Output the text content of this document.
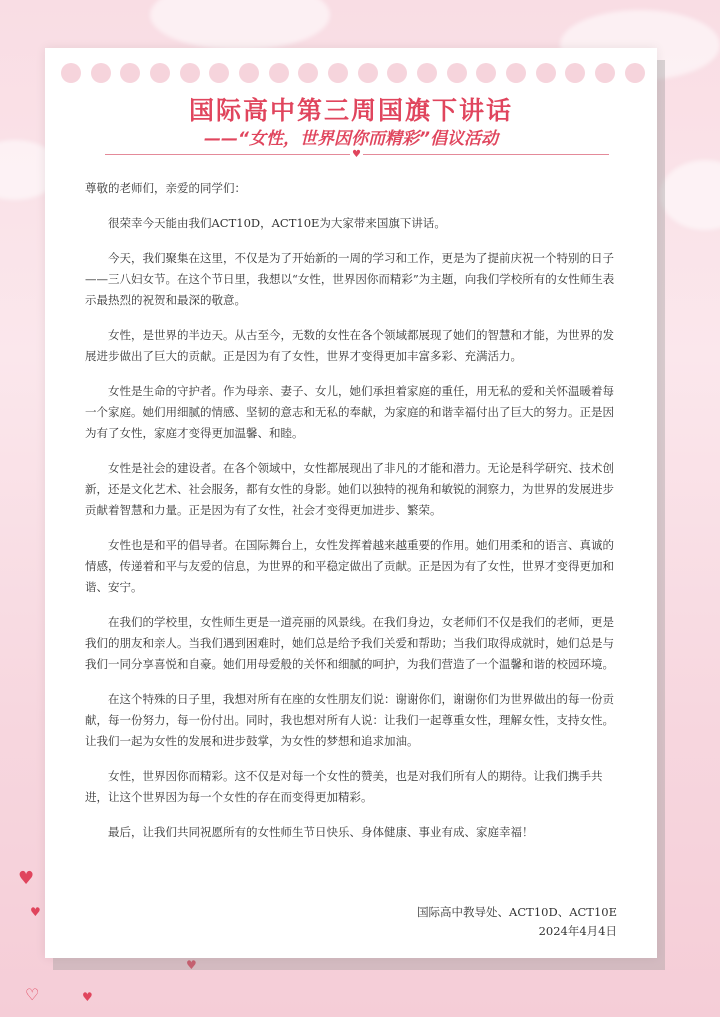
♥
♥
♡	♥
♥
国际高中第三周国旗下讲话
——“女性，世界因你而精彩”倡议活动
♥

尊敬的老师们，亲爱的同学们：

很荣幸今天能由我们ACT10D，ACT10E为大家带来国旗下讲话。

今天，我们聚集在这里，不仅是为了开始新的一周的学习和工作，更是为了提前庆祝一个特别的日子——三八妇女节。在这个节日里，我想以“女性，世界因你而精彩”为主题，向我们学校所有的女性师生表示最热烈的祝贺和最深的敬意。

女性，是世界的半边天。从古至今，无数的女性在各个领域都展现了她们的智慧和才能，为世界的发展进步做出了巨大的贡献。正是因为有了女性，世界才变得更加丰富多彩、充满活力。

女性是生命的守护者。作为母亲、妻子、女儿，她们承担着家庭的重任，用无私的爱和关怀温暖着每一个家庭。她们用细腻的情感、坚韧的意志和无私的奉献，为家庭的和谐幸福付出了巨大的努力。正是因为有了女性，家庭才变得更加温馨、和睦。

女性是社会的建设者。在各个领域中，女性都展现出了非凡的才能和潜力。无论是科学研究、技术创新，还是文化艺术、社会服务，都有女性的身影。她们以独特的视角和敏锐的洞察力，为世界的发展进步贡献着智慧和力量。正是因为有了女性，社会才变得更加进步、繁荣。

女性也是和平的倡导者。在国际舞台上，女性发挥着越来越重要的作用。她们用柔和的语言、真诚的情感，传递着和平与友爱的信息，为世界的和平稳定做出了贡献。正是因为有了女性，世界才变得更加和谐、安宁。

在我们的学校里，女性师生更是一道亮丽的风景线。在我们身边，女老师们不仅是我们的老师，更是我们的朋友和亲人。当我们遇到困难时，她们总是给予我们关爱和帮助；当我们取得成就时，她们总是与我们一同分享喜悦和自豪。她们用母爱般的关怀和细腻的呵护，为我们营造了一个温馨和谐的校园环境。

在这个特殊的日子里，我想对所有在座的女性朋友们说：谢谢你们，谢谢你们为世界做出的每一份贡献，每一份努力，每一份付出。同时，我也想对所有人说：让我们一起尊重女性，理解女性，支持女性。让我们一起为女性的发展和进步鼓掌，为女性的梦想和追求加油。

女性，世界因你而精彩。这不仅是对每一个女性的赞美，也是对我们所有人的期待。让我们携手共进，让这个世界因为每一个女性的存在而变得更加精彩。

最后，让我们共同祝愿所有的女性师生节日快乐、身体健康、事业有成、家庭幸福！

国际高中教导处、ACT10D、ACT10E
2024年4月4日
